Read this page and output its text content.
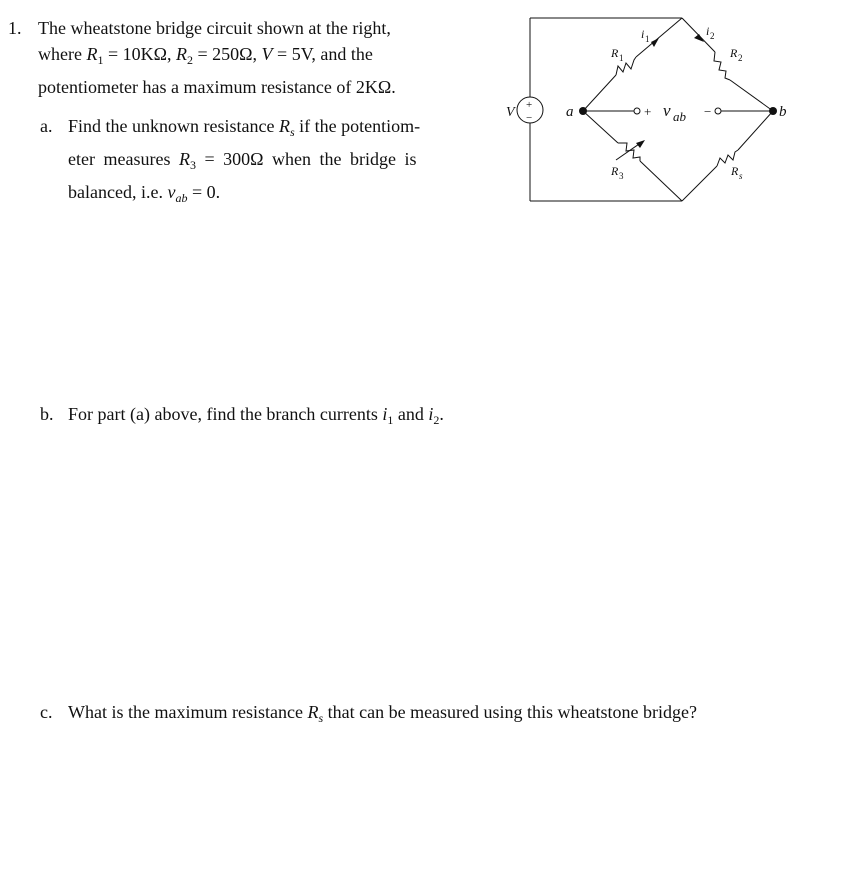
1. The wheatstone bridge circuit shown at the right,
where $R_1 = 10K\Omega$, $R_2 = 250\Omega$, V = 5V, and the
potentiometer has a maximum resistance of 2KΩ.
a. Find the unknown resistance $R_s$ if the potentiom-
eter measures $R_3 = 300\Omega$ when the bridge is
balanced, i.e. $v_{ab} = 0$.
b. For part (a) above, find the branch currents $i_1$ and $i_2$.
c. What is the maximum resistance $R_s$ that can be measured using this wheatstone bridge?
V +
− a	b
+ v ab −
R 1	R 2
R 3	R s
i 1
i 2
